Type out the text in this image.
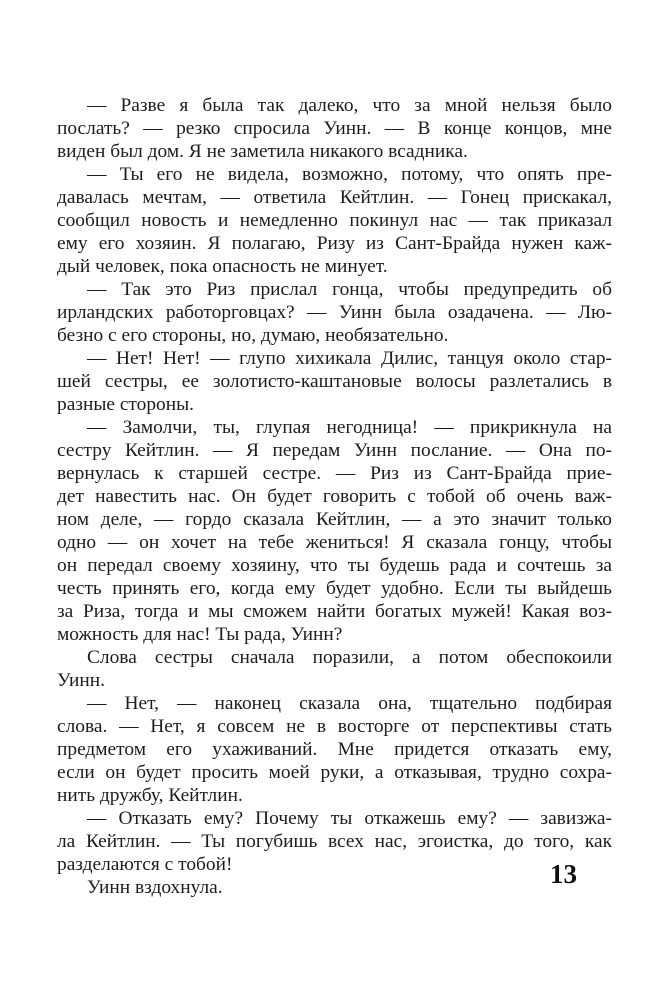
— Разве я была так далеко, что за мной нельзя было
послать? — резко спросила Уинн. — В конце концов, мне
виден был дом. Я не заметила никакого всадника.

— Ты его не видела, возможно, потому, что опять пре-
давалась мечтам, — ответила Кейтлин. — Гонец прискакал,
сообщил новость и немедленно покинул нас — так приказал
ему его хозяин. Я полагаю, Ризу из Сант-Брайда нужен каж-
дый человек, пока опасность не минует.

— Так это Риз прислал гонца, чтобы предупредить об
ирландских работорговцах? — Уинн была озадачена. — Лю-
безно с его стороны, но, думаю, необязательно.

— Нет! Нет! — глупо хихикала Дилис, танцуя около стар-
шей сестры, ее золотисто-каштановые волосы разлетались в
разные стороны.

— Замолчи, ты, глупая негодница! — прикрикнула на
сестру Кейтлин. — Я передам Уинн послание. — Она по-
вернулась к старшей сестре. — Риз из Сант-Брайда прие-
дет навестить нас. Он будет говорить с тобой об очень важ-
ном деле, — гордо сказала Кейтлин, — а это значит только
одно — он хочет на тебе жениться! Я сказала гонцу, чтобы
он передал своему хозяину, что ты будешь рада и сочтешь за
честь принять его, когда ему будет удобно. Если ты выйдешь
за Риза, тогда и мы сможем найти богатых мужей! Какая воз-
можность для нас! Ты рада, Уинн?

Слова сестры сначала поразили, а потом обеспокоили
Уинн.

— Нет, — наконец сказала она, тщательно подбирая
слова. — Нет, я совсем не в восторге от перспективы стать
предметом его ухаживаний. Мне придется отказать ему,
если он будет просить моей руки, а отказывая, трудно сохра-
нить дружбу, Кейтлин.

— Отказать ему? Почему ты откажешь ему? — завизжа-
ла Кейтлин. — Ты погубишь всех нас, эгоистка, до того, как
разделаются с тобой!

Уинн вздохнула.	13
